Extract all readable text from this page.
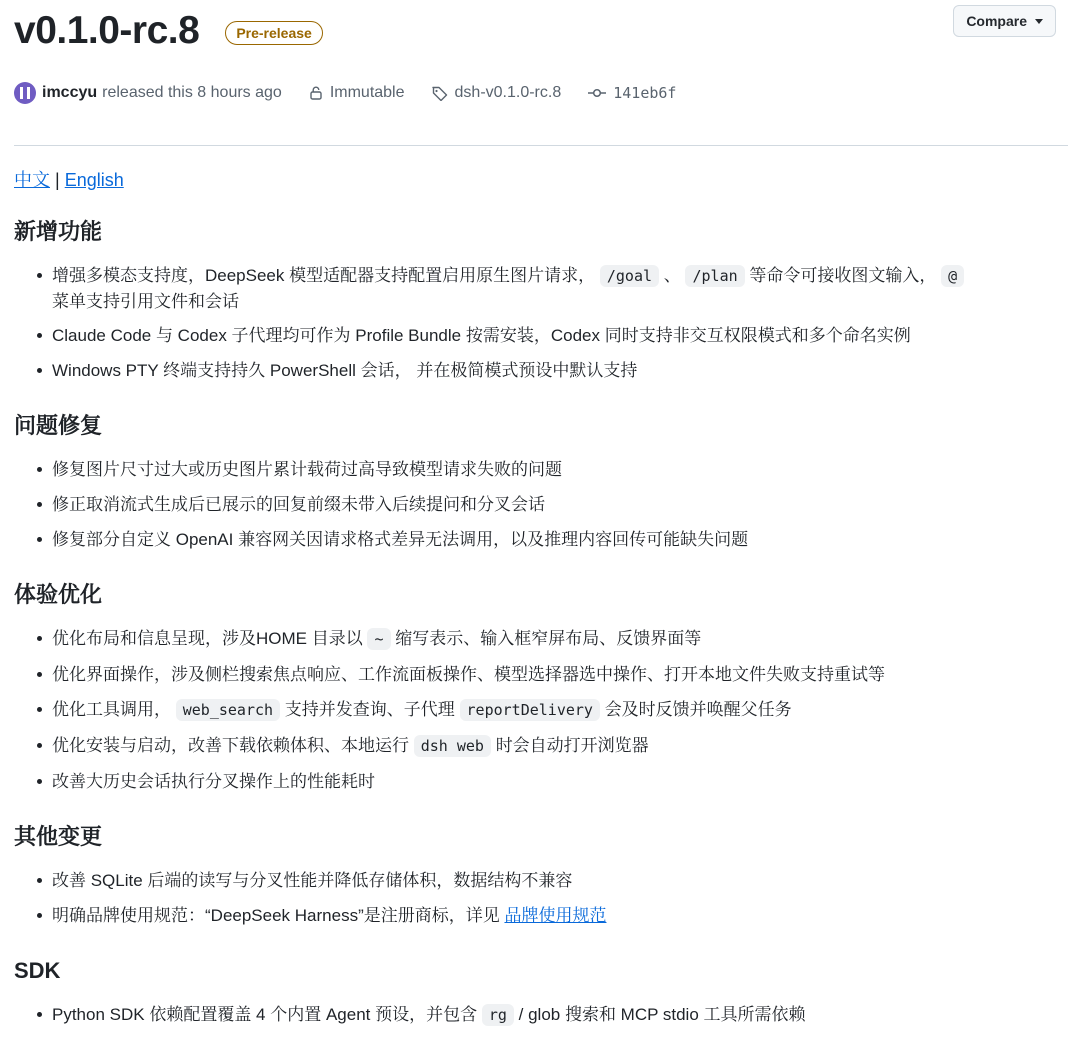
v0.1.0-rc.8	Pre-release
Compare
imccyu released this 8 hours ago	Immutable	dsh-v0.1.0-rc.8	141eb6f

中文 | English

新增功能
增强多模态支持度，DeepSeek 模型适配器支持配置启用原生图片请求， /goal 、 /plan 等命令可接收图文输入， @
菜单支持引用文件和会话
Claude Code 与 Codex 子代理均可作为 Profile Bundle 按需安装，Codex 同时支持非交互权限模式和多个命名实例
Windows PTY 终端支持持久 PowerShell 会话， 并在极简模式预设中默认支持
问题修复
修复图片尺寸过大或历史图片累计载荷过高导致模型请求失败的问题
修正取消流式生成后已展示的回复前缀未带入后续提问和分叉会话
修复部分自定义 OpenAI 兼容网关因请求格式差异无法调用，以及推理内容回传可能缺失问题
体验优化
优化布局和信息呈现，涉及HOME 目录以 ~ 缩写表示、输入框窄屏布局、反馈界面等
优化界面操作，涉及侧栏搜索焦点响应、工作流面板操作、模型选择器选中操作、打开本地文件失败支持重试等
优化工具调用， web_search 支持并发查询、子代理 reportDelivery 会及时反馈并唤醒父任务
优化安装与启动，改善下载依赖体积、本地运行 dsh web 时会自动打开浏览器
改善大历史会话执行分叉操作上的性能耗时
其他变更
改善 SQLite 后端的读写与分叉性能并降低存储体积，数据结构不兼容
明确品牌使用规范：“DeepSeek Harness”是注册商标，详见 品牌使用规范
SDK
Python SDK 依赖配置覆盖 4 个内置 Agent 预设，并包含 rg / glob 搜索和 MCP stdio 工具所需依赖
